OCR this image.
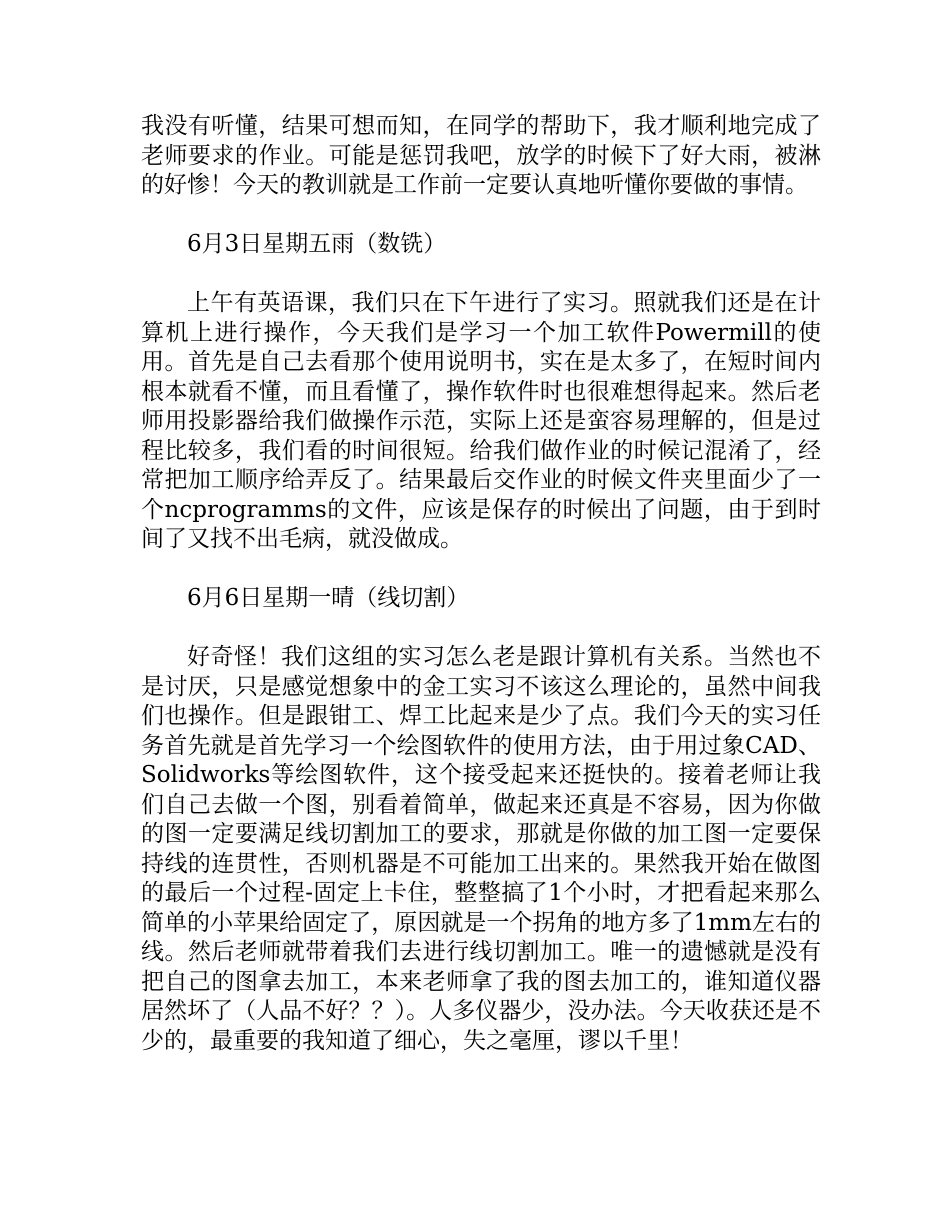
我没有听懂，结果可想而知，在同学的帮助下，我才顺利地完成了老师要求的作业。可能是惩罚我吧，放学的时候下了好大雨，被淋的好惨！今天的教训就是工作前一定要认真地听懂你要做的事情。

6月3日星期五雨（数铣）

上午有英语课，我们只在下午进行了实习。照就我们还是在计算机上进行操作，今天我们是学习一个加工软件Powermill的使用。首先是自己去看那个使用说明书，实在是太多了，在短时间内根本就看不懂，而且看懂了，操作软件时也很难想得起来。然后老师用投影器给我们做操作示范，实际上还是蛮容易理解的，但是过程比较多，我们看的时间很短。给我们做作业的时候记混淆了，经常把加工顺序给弄反了。结果最后交作业的时候文件夹里面少了一个ncprogramms的文件，应该是保存的时候出了问题，由于到时间了又找不出毛病，就没做成。

6月6日星期一晴（线切割）

好奇怪！我们这组的实习怎么老是跟计算机有关系。当然也不是讨厌，只是感觉想象中的金工实习不该这么理论的，虽然中间我们也操作。但是跟钳工、焊工比起来是少了点。我们今天的实习任务首先就是首先学习一个绘图软件的使用方法，由于用过象CAD、Solidworks等绘图软件，这个接受起来还挺快的。接着老师让我们自己去做一个图，别看着简单，做起来还真是不容易，因为你做的图一定要满足线切割加工的要求，那就是你做的加工图一定要保持线的连贯性，否则机器是不可能加工出来的。果然我开始在做图的最后一个过程-固定上卡住，整整搞了1个小时，才把看起来那么简单的小苹果给固定了，原因就是一个拐角的地方多了1mm左右的线。然后老师就带着我们去进行线切割加工。唯一的遗憾就是没有把自己的图拿去加工，本来老师拿了我的图去加工的，谁知道仪器居然坏了（人品不好？？）。人多仪器少，没办法。今天收获还是不少的，最重要的我知道了细心，失之毫厘，谬以千里！
